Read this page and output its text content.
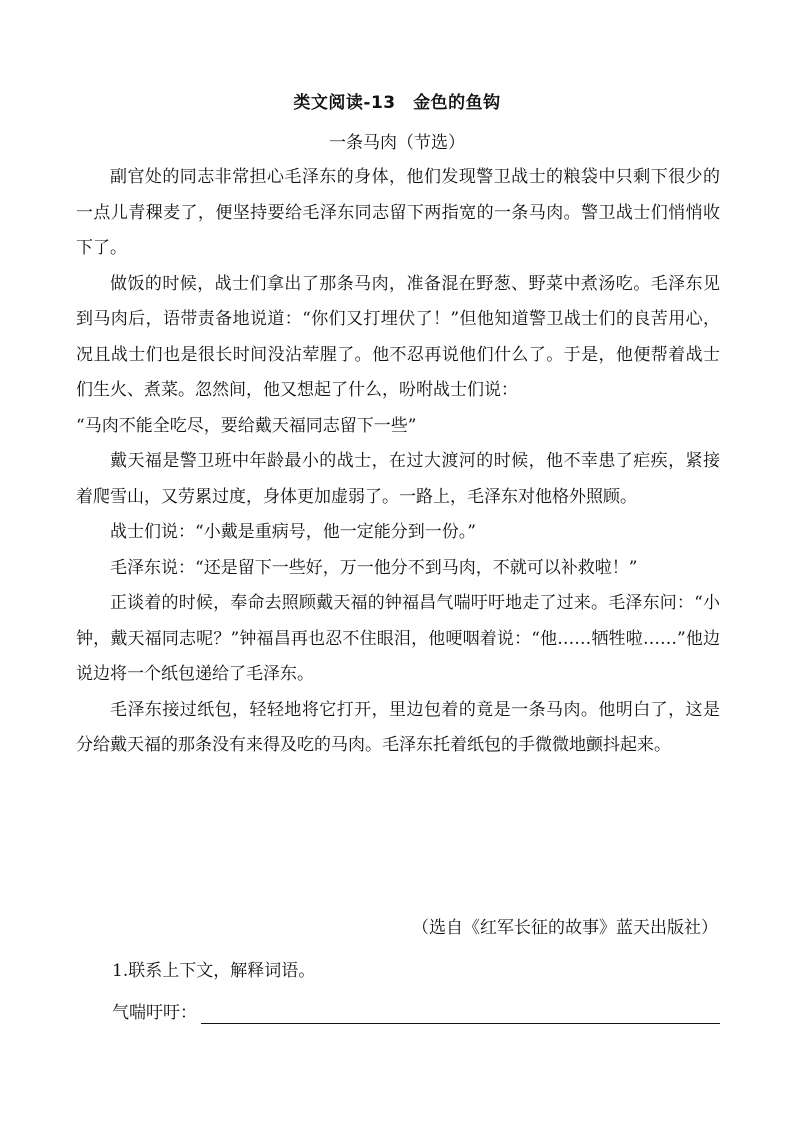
类文阅读-13　金色的鱼钩
一条马肉（节选）

副官处的同志非常担心毛泽东的身体，他们发现警卫战士的粮袋中只剩下很少的一点儿青稞麦了，便坚持要给毛泽东同志留下两指宽的一条马肉。警卫战士们悄悄收下了。

做饭的时候，战士们拿出了那条马肉，准备混在野葱、野菜中煮汤吃。毛泽东见到马肉后，语带责备地说道：“你们又打埋伏了！”但他知道警卫战士们的良苦用心，况且战士们也是很长时间没沾荤腥了。他不忍再说他们什么了。于是，他便帮着战士们生火、煮菜。忽然间，他又想起了什么，吩咐战士们说：

“马肉不能全吃尽，要给戴天福同志留下一些”

戴天福是警卫班中年龄最小的战士，在过大渡河的时候，他不幸患了疟疾，紧接着爬雪山，又劳累过度，身体更加虚弱了。一路上，毛泽东对他格外照顾。

战士们说：“小戴是重病号，他一定能分到一份。”

毛泽东说：“还是留下一些好，万一他分不到马肉，不就可以补救啦！”

正谈着的时候，奉命去照顾戴天福的钟福昌气喘吁吁地走了过来。毛泽东问：“小钟，戴天福同志呢？”钟福昌再也忍不住眼泪，他哽咽着说：“他……牺牲啦……”他边说边将一个纸包递给了毛泽东。

毛泽东接过纸包，轻轻地将它打开，里边包着的竟是一条马肉。他明白了，这是分给戴天福的那条没有来得及吃的马肉。毛泽东托着纸包的手微微地颤抖起来。

（选自《红军长征的故事》蓝天出版社）
1.联系上下文，解释词语。
气喘吁吁：
